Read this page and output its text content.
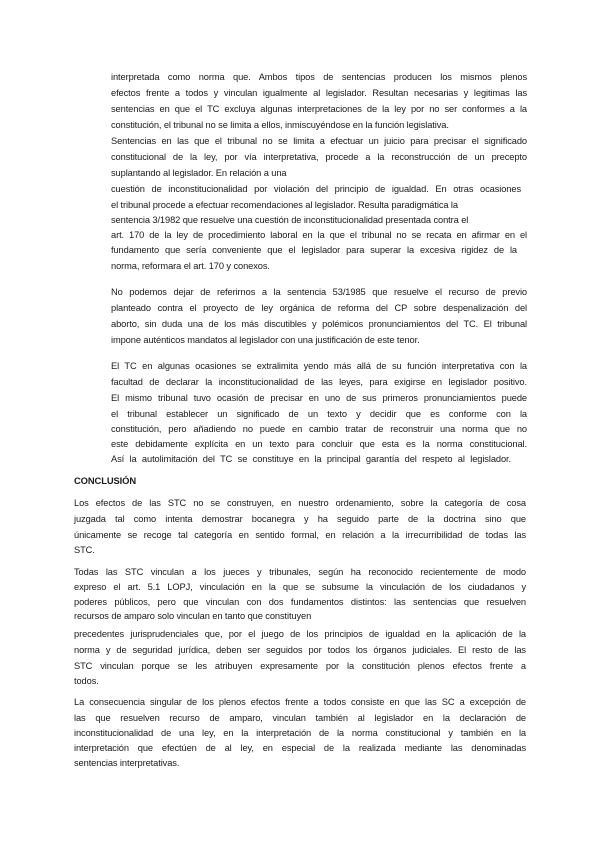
interpretada como norma que. Ambos tipos de sentencias producen los mismos plenos

efectos frente a todos y vinculan igualmente al legislador. Resultan necesarias y legitimas las

sentencias en que el TC excluya algunas interpretaciones de la ley por no ser conformes a la

constitución, el tribunal no se limita a ellos, inmiscuyéndose en la función legislativa.

Sentencias en las que el tribunal no se limita a efectuar un juicio para precisar el significado

constitucional de la ley, por vía interpretativa, procede a la reconstrucción de un precepto

suplantando al legislador. En relación a una

cuestión de inconstitucionalidad por violación del principio de igualdad. En otras ocasiones

el tribunal procede a efectuar recomendaciones al legislador. Resulta paradigmática la

sentencia 3/1982 que resuelve una cuestión de inconstitucionalidad presentada contra el

art. 170 de la ley de procedimiento laboral en la que el tribunal no se recata en afirmar en el

fundamento que sería conveniente que el legislador para superar la excesiva rigidez de la

norma, reformara el art. 170 y conexos.

No podemos dejar de referirnos a la sentencia 53/1985 que resuelve el recurso de previo

planteado contra el proyecto de ley orgánica de reforma del CP sobre despenalización del

aborto, sin duda una de los más discutibles y polémicos pronunciamientos del TC. El tribunal

impone auténticos mandatos al legislador con una justificación de este tenor.

El TC en algunas ocasiones se extralimita yendo más allá de su función interpretativa con la

facultad de declarar la inconstitucionalidad de las leyes, para exigirse en legislador positivo.

El mismo tribunal tuvo ocasión de precisar en uno de sus primeros pronunciamientos puede

el tribunal establecer un significado de un texto y decidir que es conforme con la

constitución, pero añadiendo no puede en cambio tratar de reconstruir una norma que no

este debidamente explícita en un texto para concluir que esta es la norma constitucional.

Así la autolimitación del TC se constituye en la principal garantía del respeto al legislador.

CONCLUSIÓN

Los efectos de las STC no se construyen, en nuestro ordenamiento, sobre la categoría de cosa

juzgada tal como intenta demostrar bocanegra y ha seguido parte de la doctrina sino que

únicamente se recoge tal categoría en sentido formal, en relación a la irrecurribilidad de todas las

STC.

Todas las STC vinculan a los jueces y tribunales, según ha reconocido recientemente de modo

expreso el art. 5.1 LOPJ, vinculación en la que se subsume la vinculación de los ciudadanos y

poderes públicos, pero que vinculan con dos fundamentos distintos: las sentencias que resuelven

recursos de amparo solo vinculan en tanto que constituyen

precedentes jurisprudenciales que, por el juego de los principios de igualdad en la aplicación de la

norma y de seguridad jurídica, deben ser seguidos por todos los órganos judiciales. El resto de las

STC vinculan porque se les atribuyen expresamente por la constitución plenos efectos frente a

todos.

La consecuencia singular de los plenos efectos frente a todos consiste en que las SC a excepción de

las que resuelven recurso de amparo, vinculan también al legislador en la declaración de

inconstitucionalidad de una ley, en la interpretación de la norma constitucional y también en la

interpretación que efectúen de al ley, en especial de la realizada mediante las denominadas

sentencias interpretativas.
